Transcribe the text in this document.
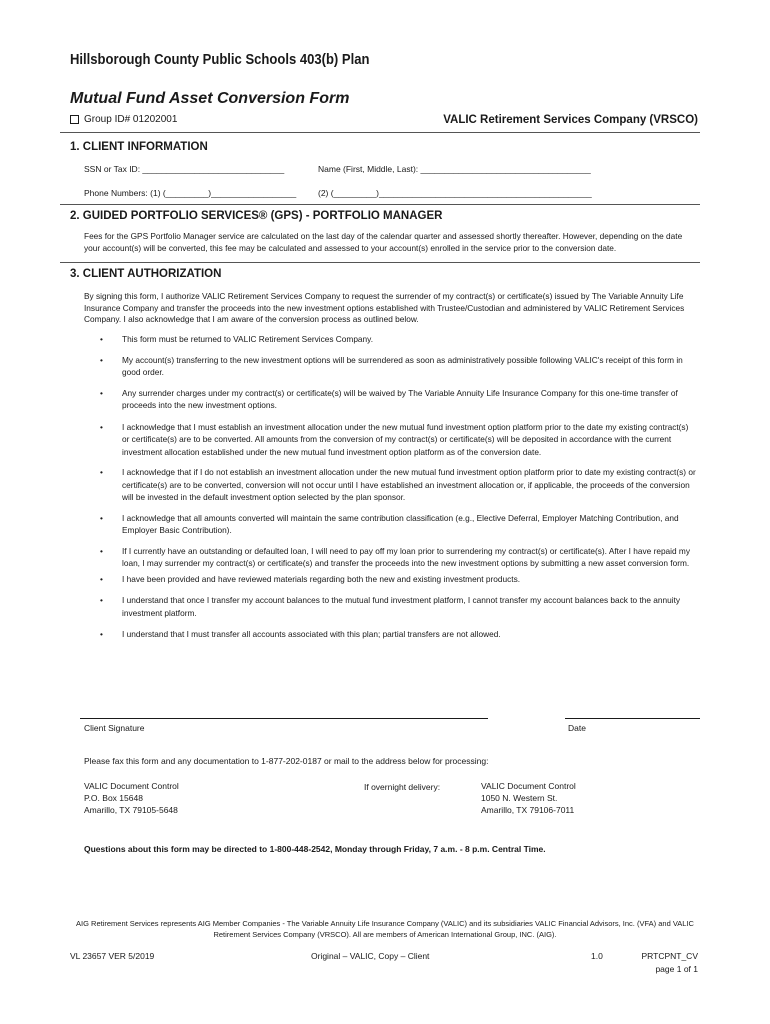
Hillsborough County Public Schools 403(b) Plan
Mutual Fund Asset Conversion Form
Group ID# 01202001	VALIC Retirement Services Company (VRSCO)
1. CLIENT INFORMATION
SSN or Tax ID: ______________________________	Name (First, Middle, Last): ____________________________________
Phone Numbers: (1) (_________)__________________	(2) (_________)_____________________________________________
2. GUIDED PORTFOLIO SERVICES® (GPS) - PORTFOLIO MANAGER
Fees for the GPS Portfolio Manager service are calculated on the last day of the calendar quarter and assessed shortly thereafter. However, depending on the date your account(s) will be converted, this fee may be calculated and assessed to your account(s) enrolled in the service prior to the conversion date.
3. CLIENT AUTHORIZATION
By signing this form, I authorize VALIC Retirement Services Company to request the surrender of my contract(s) or certificate(s) issued by The Variable Annuity Life Insurance Company and transfer the proceeds into the new investment options established with Trustee/Custodian and administered by VALIC Retirement Services Company. I also acknowledge that I am aware of the conversion process as outlined below.
• This form must be returned to VALIC Retirement Services Company.
• My account(s) transferring to the new investment options will be surrendered as soon as administratively possible following VALIC's receipt of this form in good order.
• Any surrender charges under my contract(s) or certificate(s) will be waived by The Variable Annuity Life Insurance Company for this one-time transfer of proceeds into the new investment options.
• I acknowledge that I must establish an investment allocation under the new mutual fund investment option platform prior to the date my existing contract(s) or certificate(s) are to be converted. All amounts from the conversion of my contract(s) or certificate(s) will be deposited in accordance with the current investment allocation established under the new mutual fund investment option platform as of the conversion date.
• I acknowledge that if I do not establish an investment allocation under the new mutual fund investment option platform prior to date my existing contract(s) or certificate(s) are to be converted, conversion will not occur until I have established an investment allocation or, if applicable, the proceeds of the conversion will be invested in the default investment option selected by the plan sponsor.
• I acknowledge that all amounts converted will maintain the same contribution classification (e.g., Elective Deferral, Employer Matching Contribution, and Employer Basic Contribution).
• If I currently have an outstanding or defaulted loan, I will need to pay off my loan prior to surrendering my contract(s) or certificate(s). After I have repaid my loan, I may surrender my contract(s) or certificate(s) and transfer the proceeds into the new investment options by submitting a new asset conversion form.
• I have been provided and have reviewed materials regarding both the new and existing investment products.
• I understand that once I transfer my account balances to the mutual fund investment platform, I cannot transfer my account balances back to the annuity investment platform.
• I understand that I must transfer all accounts associated with this plan; partial transfers are not allowed.
Client Signature	Date
Please fax this form and any documentation to 1-877-202-0187 or mail to the address below for processing:
VALIC Document Control
P.O. Box 15648
Amarillo, TX 79105-5648
If overnight delivery:	VALIC Document Control
1050 N. Western St.
Amarillo, TX 79106-7011
Questions about this form may be directed to 1-800-448-2542, Monday through Friday, 7 a.m. - 8 p.m. Central Time.
AIG Retirement Services represents AIG Member Companies - The Variable Annuity Life Insurance Company (VALIC) and its subsidiaries VALIC Financial Advisors, Inc. (VFA) and VALIC Retirement Services Company (VRSCO). All are members of American International Group, INC. (AIG).
VL 23657 VER 5/2019	Original – VALIC, Copy – Client	1.0	PRTCPNT_CV
page 1 of 1
